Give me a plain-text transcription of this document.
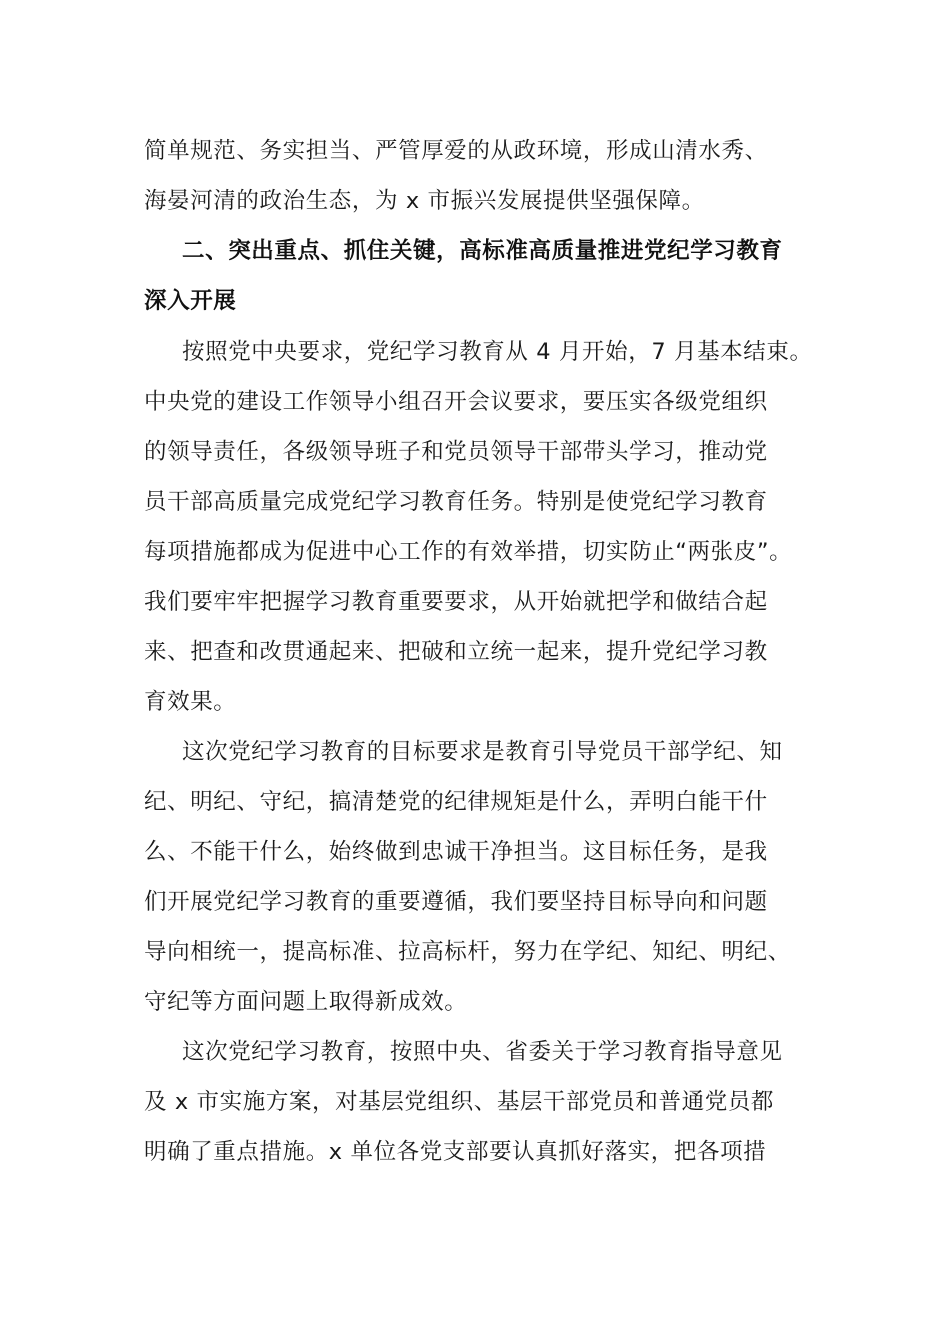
简单规范、务实担当、严管厚爱的从政环境，形成山清水秀、
海晏河清的政治生态，为 x 市振兴发展提供坚强保障。
二、突出重点、抓住关键，高标准高质量推进党纪学习教育
深入开展
按照党中央要求，党纪学习教育从 4 月开始，7 月基本结束。
中央党的建设工作领导小组召开会议要求，要压实各级党组织
的领导责任，各级领导班子和党员领导干部带头学习，推动党
员干部高质量完成党纪学习教育任务。特别是使党纪学习教育
每项措施都成为促进中心工作的有效举措，切实防止“两张皮”。
我们要牢牢把握学习教育重要要求，从开始就把学和做结合起
来、把查和改贯通起来、把破和立统一起来，提升党纪学习教
育效果。
这次党纪学习教育的目标要求是教育引导党员干部学纪、知
纪、明纪、守纪，搞清楚党的纪律规矩是什么，弄明白能干什
么、不能干什么，始终做到忠诚干净担当。这目标任务，是我
们开展党纪学习教育的重要遵循，我们要坚持目标导向和问题
导向相统一，提高标准、拉高标杆，努力在学纪、知纪、明纪、
守纪等方面问题上取得新成效。
这次党纪学习教育，按照中央、省委关于学习教育指导意见
及 x 市实施方案，对基层党组织、基层干部党员和普通党员都
明确了重点措施。x 单位各党支部要认真抓好落实，把各项措
